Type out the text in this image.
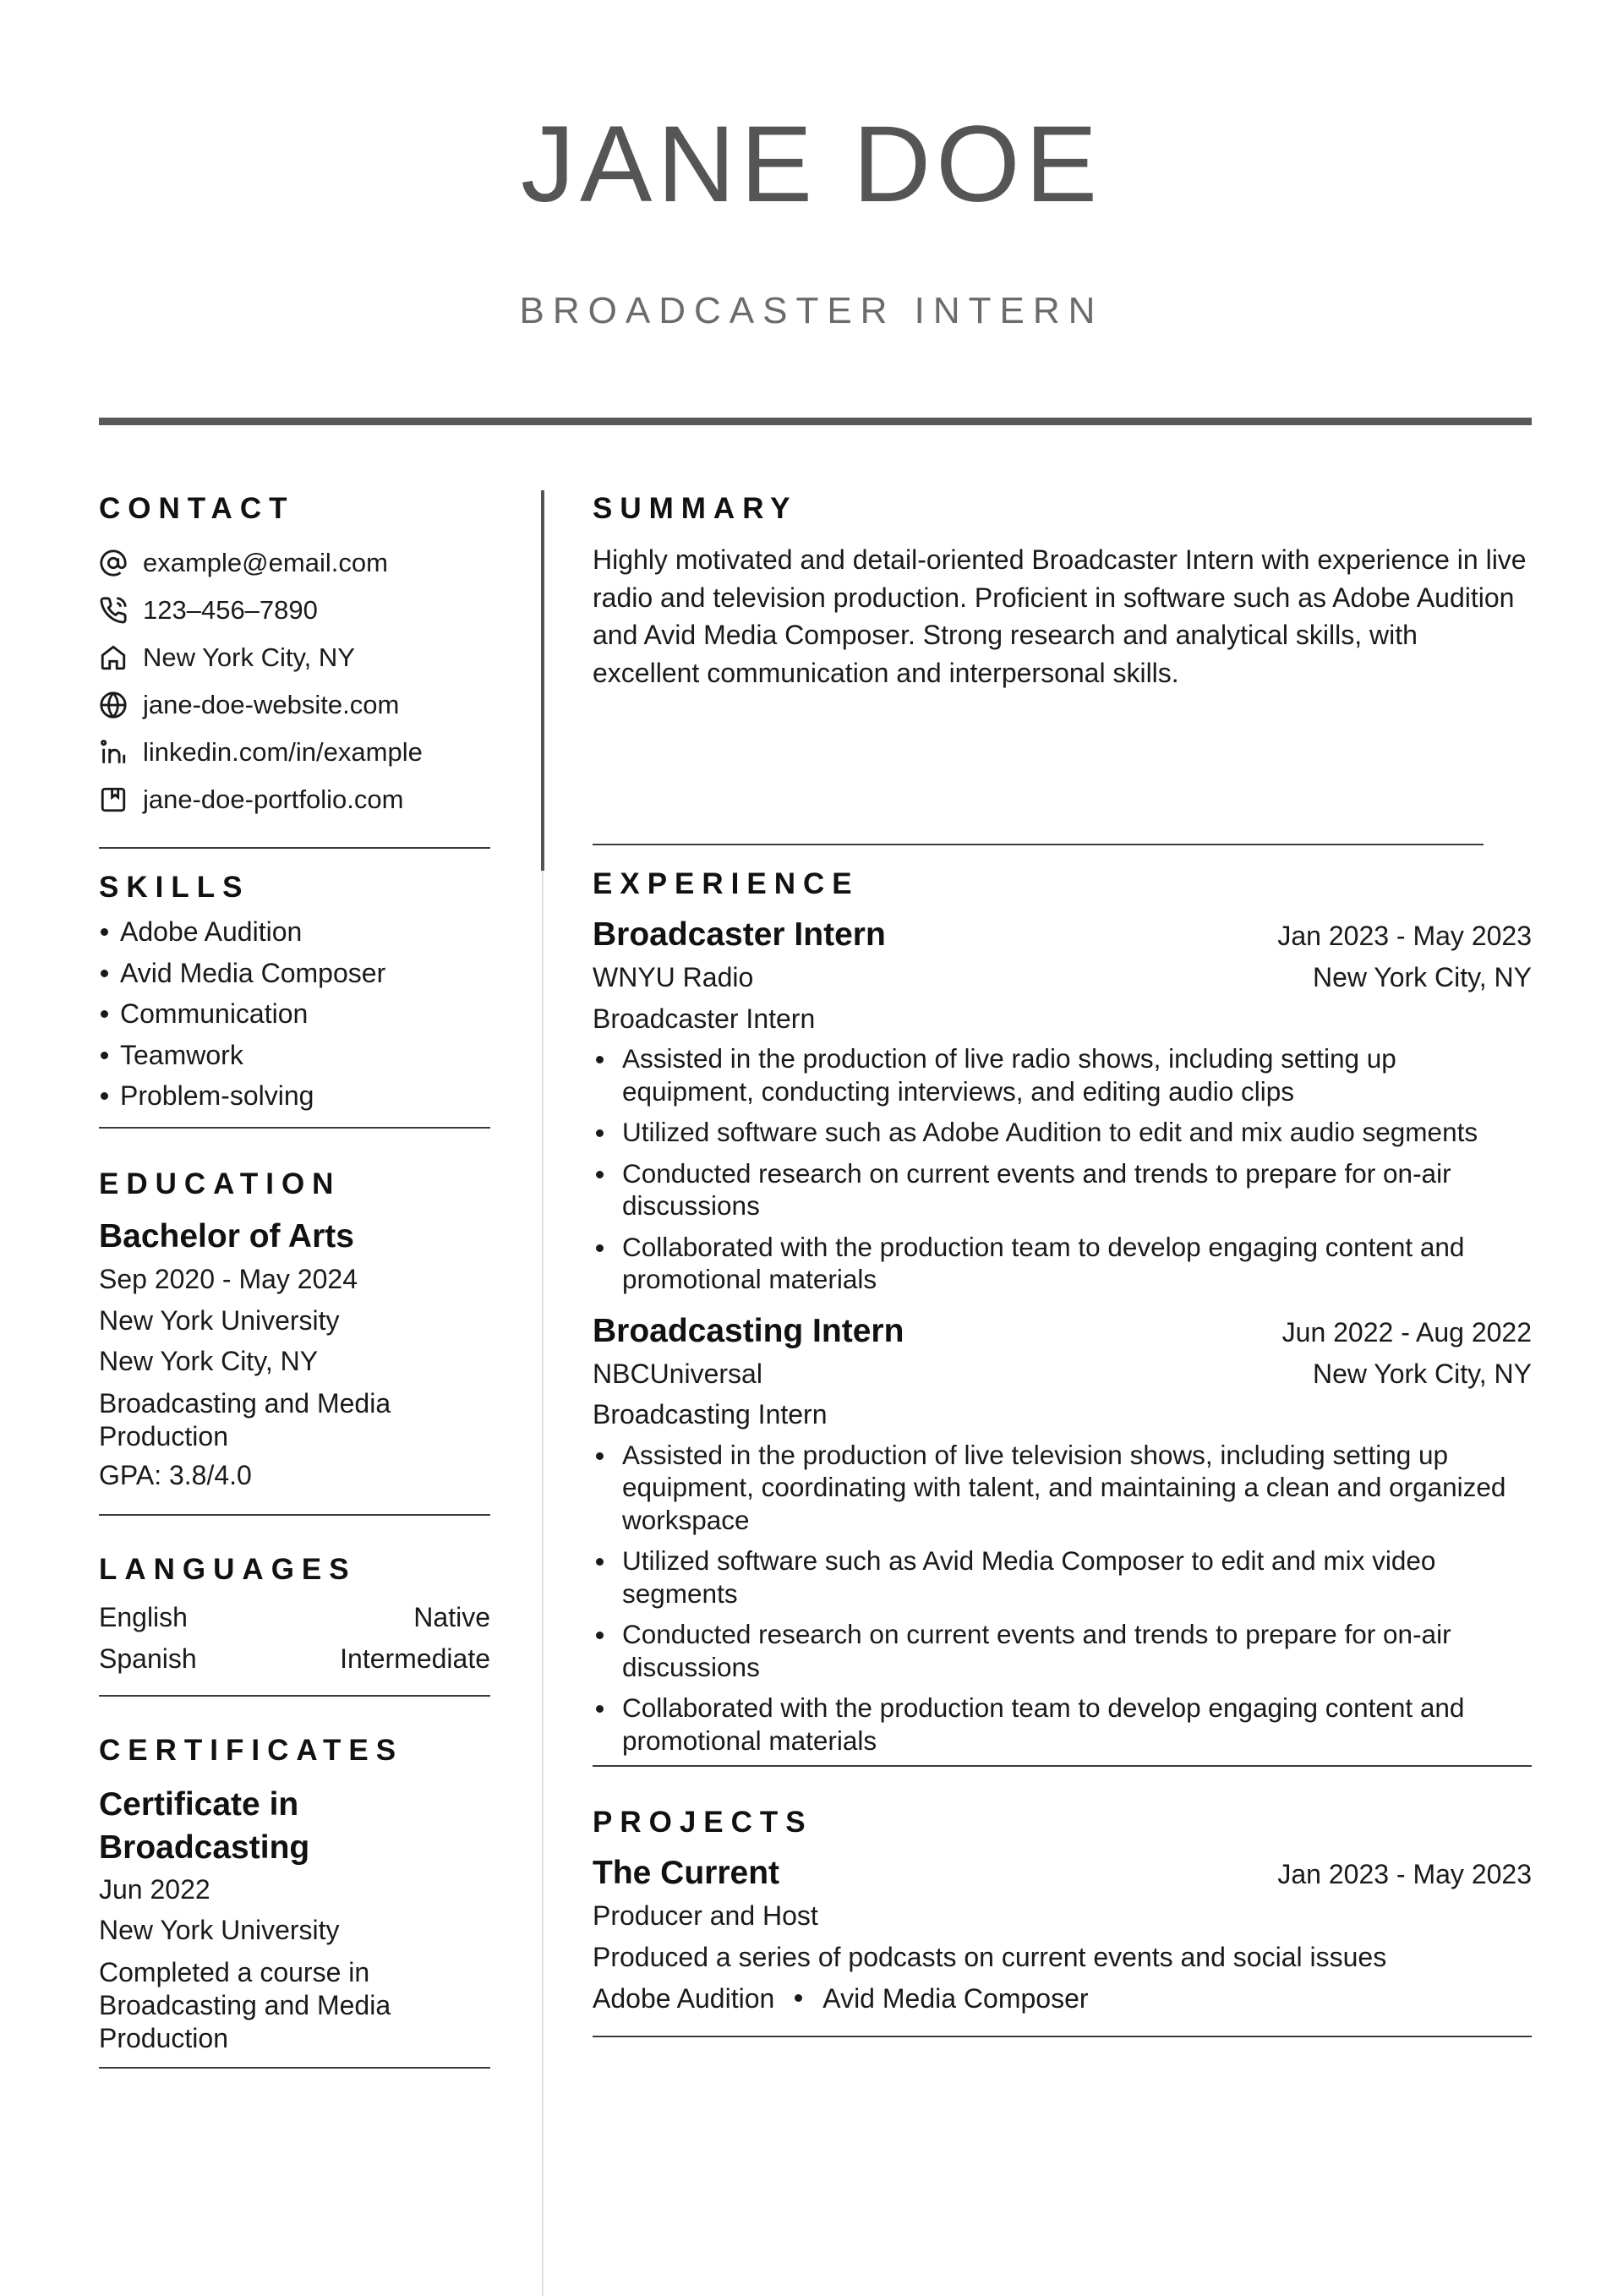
JANE DOE
BROADCASTER INTERN
CONTACT
example@email.com
123–456–7890
New York City, NY
jane-doe-website.com
linkedin.com/in/example
jane-doe-portfolio.com
SKILLS
Adobe Audition
Avid Media Composer
Communication
Teamwork
Problem-solving
EDUCATION
Bachelor of Arts
Sep 2020 - May 2024
New York University
New York City, NY
Broadcasting and Media Production
GPA: 3.8/4.0
LANGUAGES
English	Native
Spanish	Intermediate
CERTIFICATES
Certificate in Broadcasting
Jun 2022
New York University
Completed a course in Broadcasting and Media Production
SUMMARY
Highly motivated and detail-oriented Broadcaster Intern with experience in live radio and television production. Proficient in software such as Adobe Audition and Avid Media Composer. Strong research and analytical skills, with excellent communication and interpersonal skills.
EXPERIENCE
Broadcaster Intern	Jan 2023 - May 2023
WNYU Radio	New York City, NY
Broadcaster Intern
Assisted in the production of live radio shows, including setting up equipment, conducting interviews, and editing audio clips
Utilized software such as Adobe Audition to edit and mix audio segments
Conducted research on current events and trends to prepare for on-air discussions
Collaborated with the production team to develop engaging content and promotional materials
Broadcasting Intern	Jun 2022 - Aug 2022
NBCUniversal	New York City, NY
Broadcasting Intern
Assisted in the production of live television shows, including setting up equipment, coordinating with talent, and maintaining a clean and organized workspace
Utilized software such as Avid Media Composer to edit and mix video segments
Conducted research on current events and trends to prepare for on-air discussions
Collaborated with the production team to develop engaging content and promotional materials
PROJECTS
The Current	Jan 2023 - May 2023
Producer and Host
Produced a series of podcasts on current events and social issues
Adobe Audition Avid Media Composer
